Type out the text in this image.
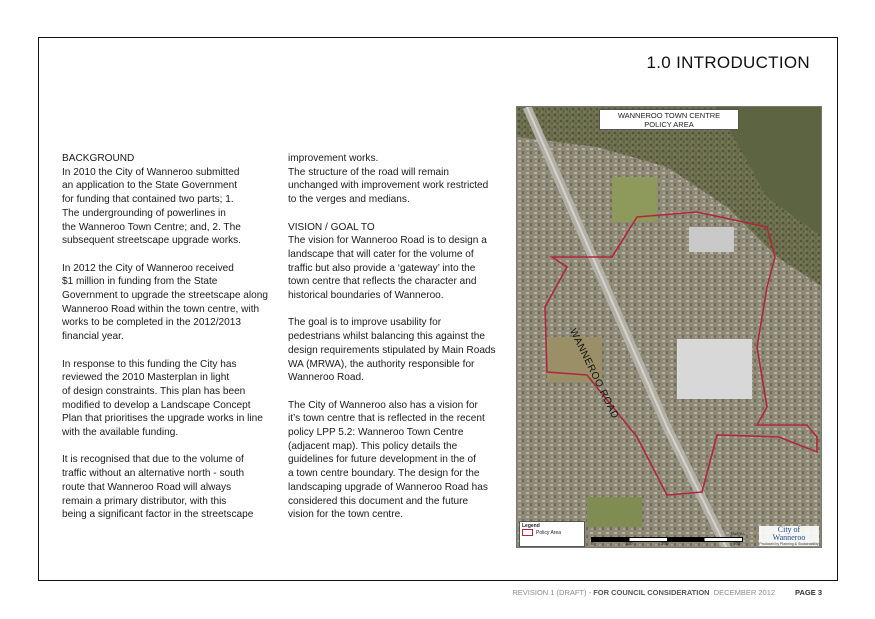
1.0 INTRODUCTION

BACKGROUND
In 2010 the City of Wanneroo submitted
an application to the State Government
for funding that contained two parts; 1.
The undergrounding of powerlines in
the Wanneroo Town Centre; and, 2. The
subsequent streetscape upgrade works.

In 2012 the City of Wanneroo received
$1 million in funding from the State
Government to upgrade the streetscape along
Wanneroo Road within the town centre, with
works to be completed in the 2012/2013
financial year.

In response to this funding the City has
reviewed the 2010 Masterplan in light
of design constraints. This plan has been
modified to develop a Landscape Concept
Plan that prioritises the upgrade works in line
with the available funding.

It is recognised that due to the volume of
traffic without an alternative north - south
route that Wanneroo Road will always
remain a primary distributor, with this
being a significant factor in the streetscape

improvement works.
The structure of the road will remain
unchanged with improvement work restricted
to the verges and medians.

VISION / GOAL TO
The vision for Wanneroo Road is to design a
landscape that will cater for the volume of
traffic but also provide a ‘gateway’ into the
town centre that reflects the character and
historical boundaries of Wanneroo.

The goal is to improve usability for
pedestrians whilst balancing this against the
design requirements stipulated by Main Roads
WA (MRWA), the authority responsible for
Wanneroo Road.

The City of Wanneroo also has a vision for
it’s town centre that is reflected in the recent
policy LPP 5.2: Wanneroo Town Centre
(adjacent map). This policy details the
guidelines for future development in the of
a town centre boundary. The design for the
landscaping upgrade of Wanneroo Road has
considered this document and the future
vision for the town centre.

WANNEROO TOWN CENTRE
POLICY AREA
WANNEROO ROAD
Legend
Policy Area
0	100	200	400
Metres	City of
Wanneroo
Produced by Planning & Sustainability
REVISION 1 (DRAFT) - FOR COUNCIL CONSIDERATION DECEMBER 2012	PAGE 3
